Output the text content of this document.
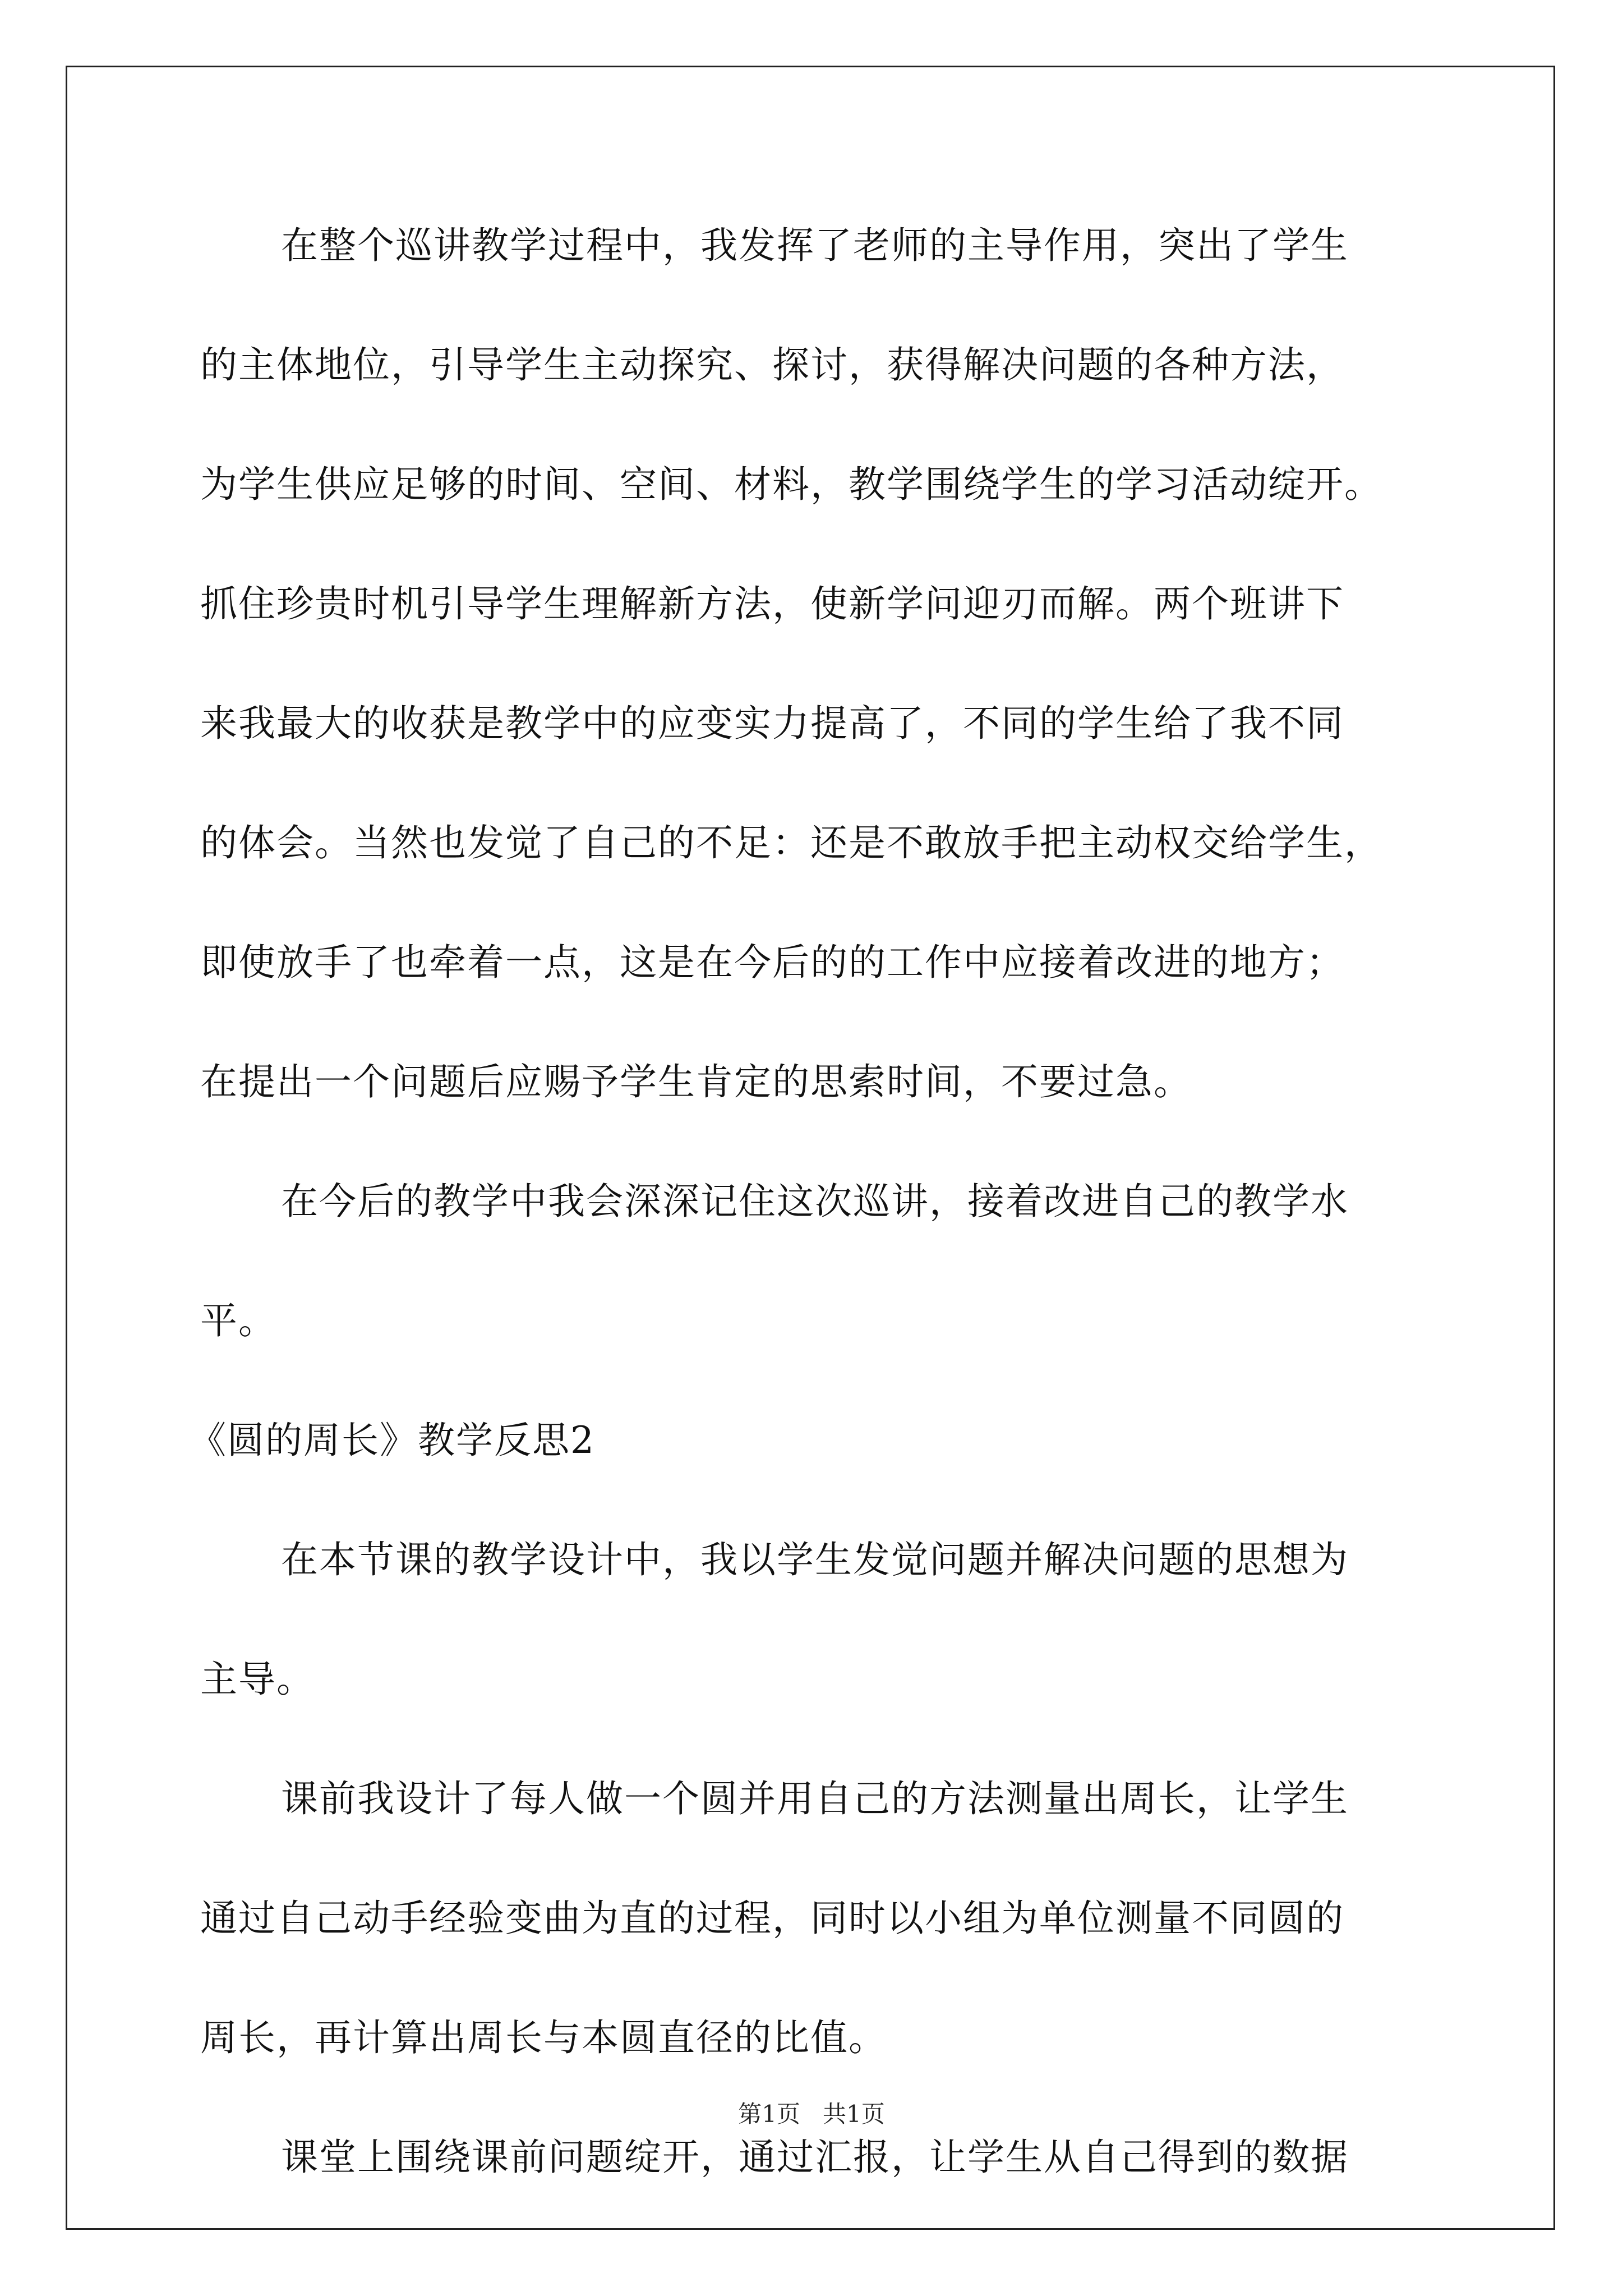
在整个巡讲教学过程中，我发挥了老师的主导作用，突出了学生
的主体地位，引导学生主动探究、探讨，获得解决问题的各种方法，
为学生供应足够的时间、空间、材料，教学围绕学生的学习活动绽开。
抓住珍贵时机引导学生理解新方法，使新学问迎刃而解。两个班讲下
来我最大的收获是教学中的应变实力提高了，不同的学生给了我不同
的体会。当然也发觉了自己的不足：还是不敢放手把主动权交给学生，
即使放手了也牵着一点，这是在今后的的工作中应接着改进的地方；
在提出一个问题后应赐予学生肯定的思索时间，不要过急。
在今后的教学中我会深深记住这次巡讲，接着改进自己的教学水
平。
《圆的周长》教学反思2
在本节课的教学设计中，我以学生发觉问题并解决问题的思想为
主导。
课前我设计了每人做一个圆并用自己的方法测量出周长，让学生
通过自己动手经验变曲为直的过程，同时以小组为单位测量不同圆的
周长，再计算出周长与本圆直径的比值。
课堂上围绕课前问题绽开，通过汇报，让学生从自己得到的数据
第1页   共1页
